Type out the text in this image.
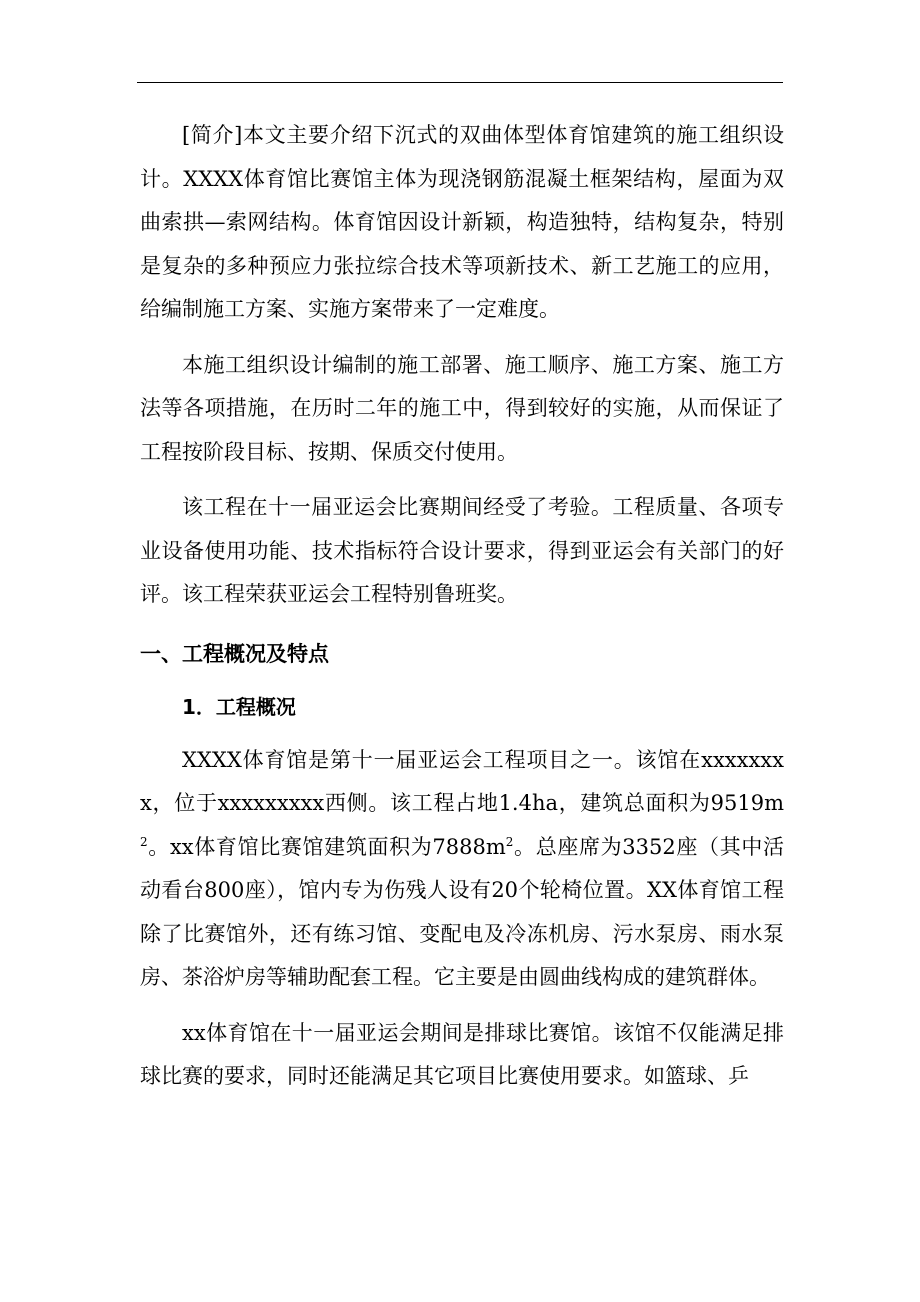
[简介]本文主要介绍下沉式的双曲体型体育馆建筑的施工组织设计。XXXX体育馆比赛馆主体为现浇钢筋混凝土框架结构，屋面为双曲索拱—索网结构。体育馆因设计新颖，构造独特，结构复杂，特别是复杂的多种预应力张拉综合技术等项新技术、新工艺施工的应用，给编制施工方案、实施方案带来了一定难度。

本施工组织设计编制的施工部署、施工顺序、施工方案、施工方法等各项措施，在历时二年的施工中，得到较好的实施，从而保证了工程按阶段目标、按期、保质交付使用。

该工程在十一届亚运会比赛期间经受了考验。工程质量、各项专业设备使用功能、技术指标符合设计要求，得到亚运会有关部门的好评。该工程荣获亚运会工程特别鲁班奖。

一、工程概况及特点
1．工程概况

XXXX体育馆是第十一届亚运会工程项目之一。该馆在xxxxxxxx，位于xxxxxxxxx西侧。该工程占地1.4ha，建筑总面积为$9519m^2$。xx体育馆比赛馆建筑面积为$7888m^2$。总座席为3352座（其中活动看台800座），馆内专为伤残人设有20个轮椅位置。XX体育馆工程除了比赛馆外，还有练习馆、变配电及冷冻机房、污水泵房、雨水泵房、茶浴炉房等辅助配套工程。它主要是由圆曲线构成的建筑群体。

xx体育馆在十一届亚运会期间是排球比赛馆。该馆不仅能满足排球比赛的要求，同时还能满足其它项目比赛使用要求。如篮球、乒
